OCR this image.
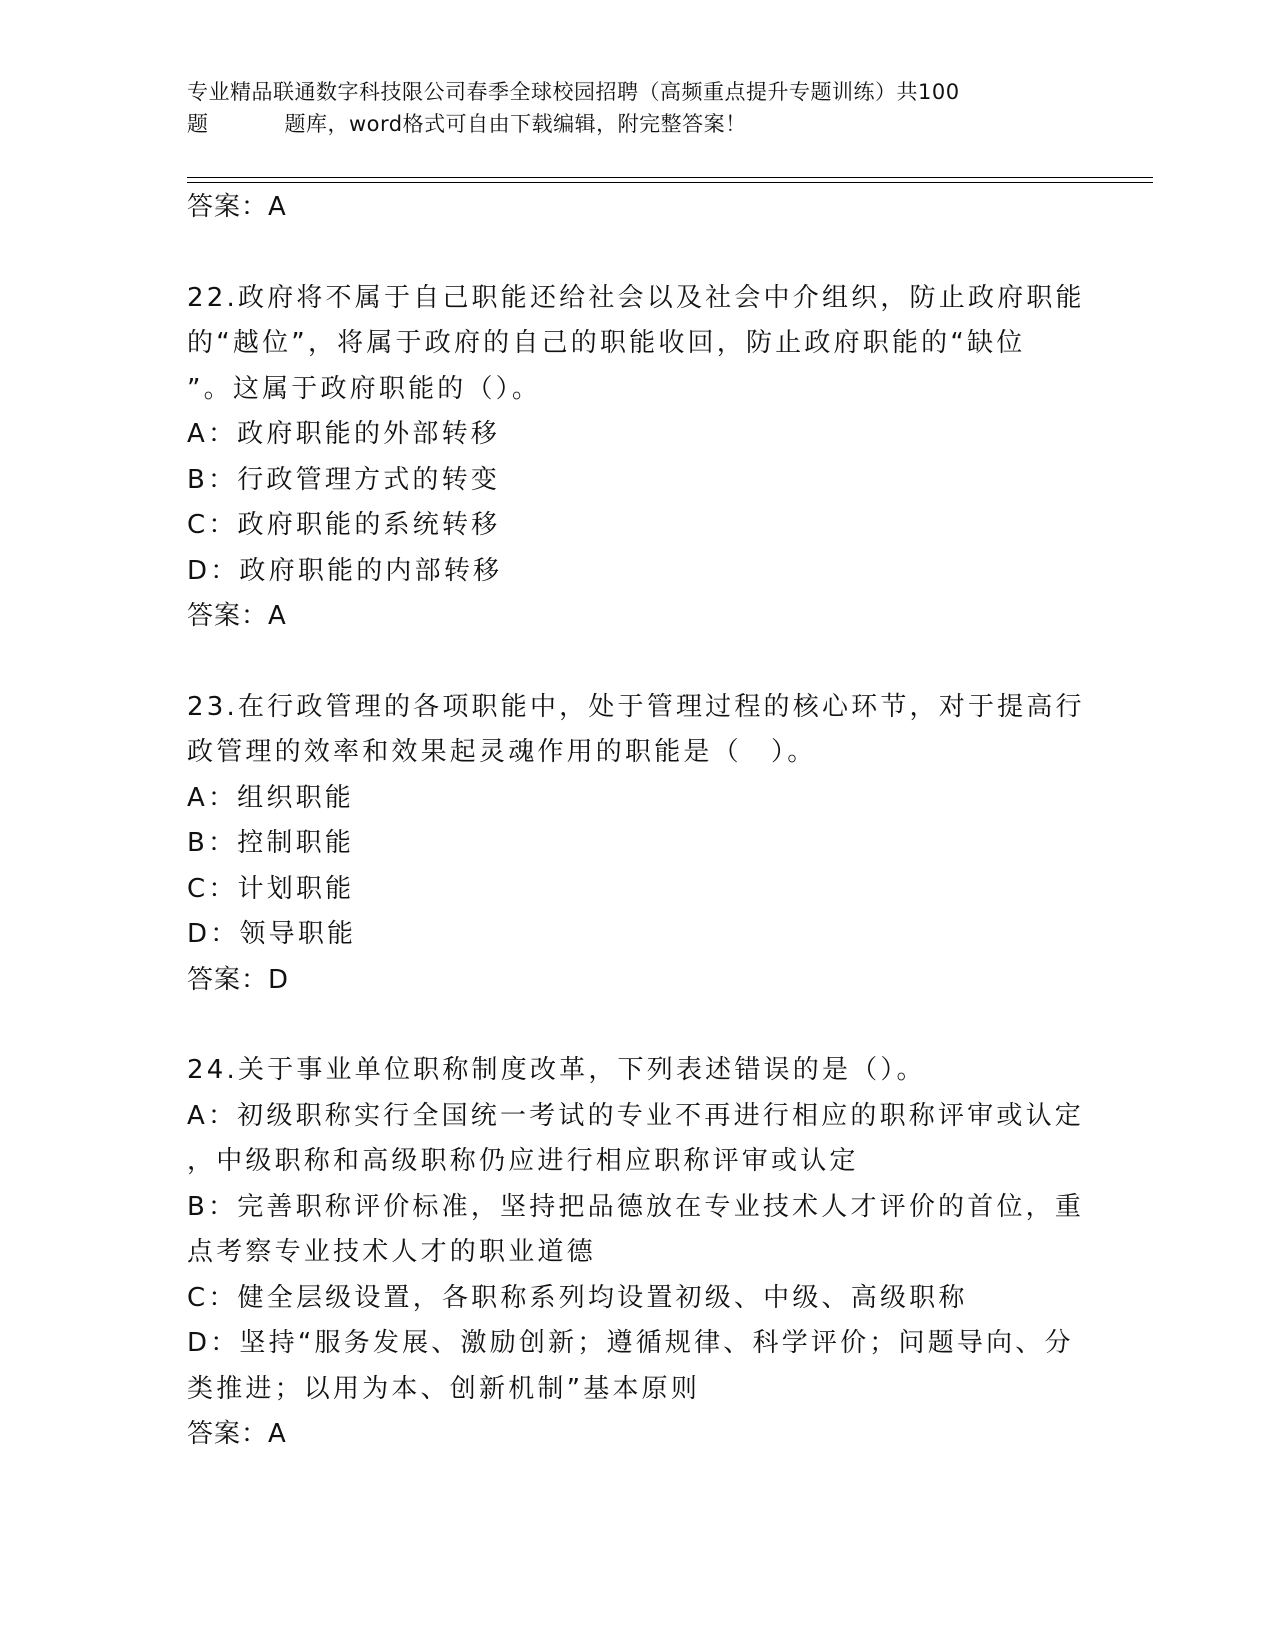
专业精品联通数字科技限公司春季全球校园招聘（高频重点提升专题训练）共100
题	题库，word格式可自由下载编辑，附完整答案！
答案：A
22.政府将不属于自己职能还给社会以及社会中介组织，防止政府职能
的“越位”，将属于政府的自己的职能收回，防止政府职能的“缺位
”。这属于政府职能的（）。
A：政府职能的外部转移
B：行政管理方式的转变
C：政府职能的系统转移
D：政府职能的内部转移
答案：A
23.在行政管理的各项职能中，处于管理过程的核心环节，对于提高行
政管理的效率和效果起灵魂作用的职能是（　）。
A：组织职能
B：控制职能
C：计划职能
D：领导职能
答案：D
24.关于事业单位职称制度改革，下列表述错误的是（）。
A：初级职称实行全国统一考试的专业不再进行相应的职称评审或认定
，中级职称和高级职称仍应进行相应职称评审或认定
B：完善职称评价标准，坚持把品德放在专业技术人才评价的首位，重
点考察专业技术人才的职业道德
C：健全层级设置，各职称系列均设置初级、中级、高级职称
D：坚持“服务发展、激励创新；遵循规律、科学评价；问题导向、分
类推进；以用为本、创新机制”基本原则
答案：A
